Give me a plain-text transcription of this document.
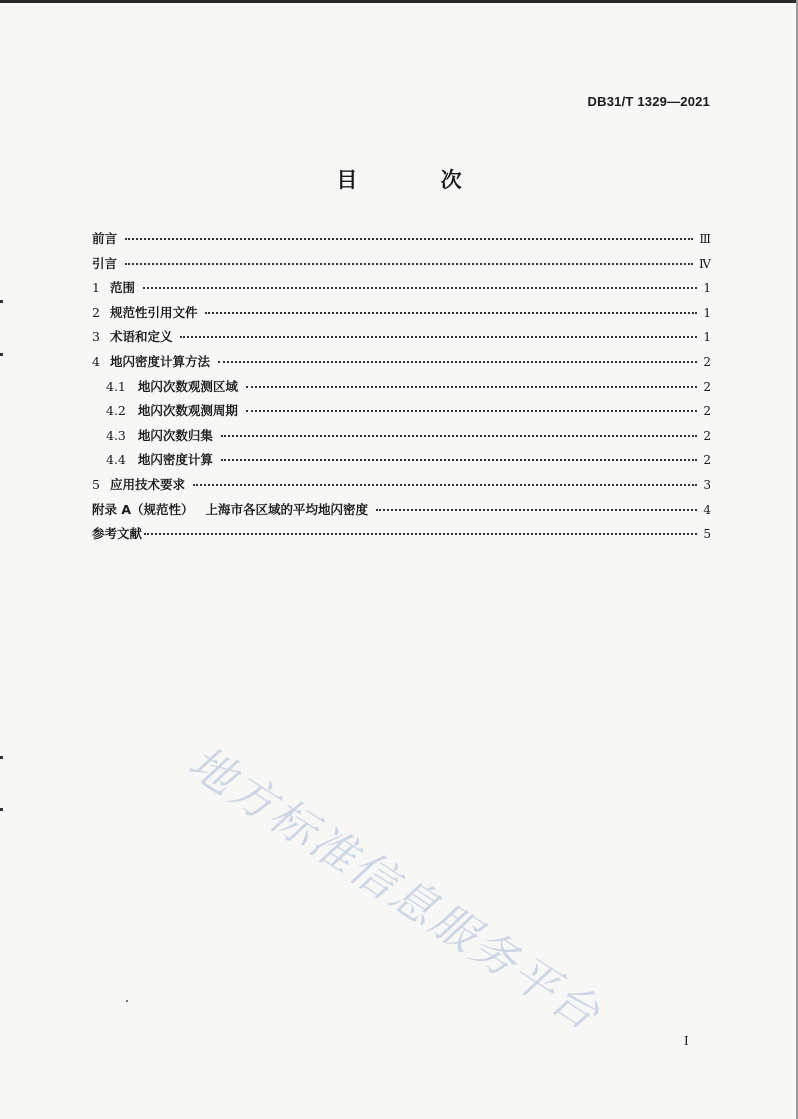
DB31/T 1329—2021
目 次
前言	Ⅲ
引言	Ⅳ
1 范围	1
2 规范性引用文件	1
3 术语和定义	1
4 地闪密度计算方法	2
4.1 地闪次数观测区域	2
4.2 地闪次数观测周期	2
4.3 地闪次数归集	2
4.4 地闪密度计算	2
5 应用技术要求	3
附录 A（规范性） 上海市各区域的平均地闪密度	4
参考文献	5
地方标准信息服务平台	I
